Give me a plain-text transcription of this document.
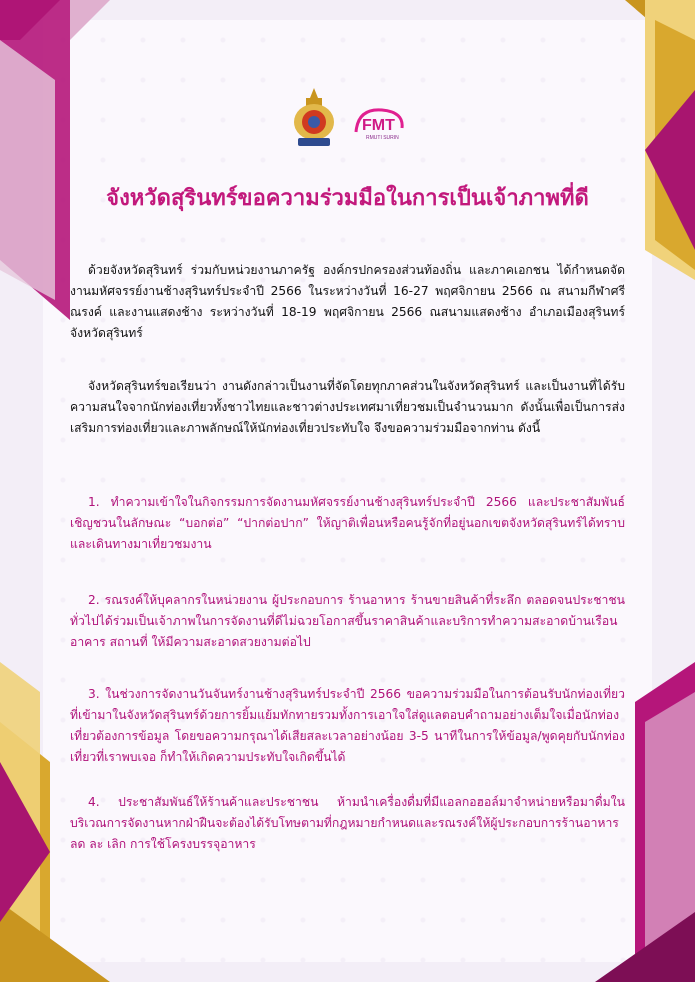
FMT
RMUTI SURIN
จังหวัดสุรินทร์ขอความร่วมมือในการเป็นเจ้าภาพที่ดี

ด้วยจังหวัดสุรินทร์ ร่วมกับหน่วยงานภาครัฐ องค์กรปกครองส่วนท้องถิ่น และภาคเอกชน ได้กำหนดจัดงานมหัศจรรย์งานช้างสุรินทร์ประจำปี 2566 ในระหว่างวันที่ 16-27 พฤศจิกายน 2566 ณ สนามกีฬาศรีณรงค์ และงานแสดงช้าง ระหว่างวันที่ 18-19 พฤศจิกายน 2566 ณสนามแสดงช้าง อำเภอเมืองสุรินทร์ จังหวัดสุรินทร์

จังหวัดสุรินทร์ขอเรียนว่า งานดังกล่าวเป็นงานที่จัดโดยทุกภาคส่วนในจังหวัดสุรินทร์ และเป็นงานที่ได้รับความสนใจจากนักท่องเที่ยวทั้งชาวไทยและชาวต่างประเทศมาเที่ยวชมเป็นจำนวนมาก ดังนั้นเพื่อเป็นการส่งเสริมการท่องเที่ยวและภาพลักษณ์ให้นักท่องเที่ยวประทับใจ จึงขอความร่วมมือจากท่าน ดังนี้

1. ทำความเข้าใจในกิจกรรมการจัดงานมหัศจรรย์งานช้างสุรินทร์ประจำปี 2566 และประชาสัมพันธ์เชิญชวนในลักษณะ “บอกต่อ” “ปากต่อปาก” ให้ญาติเพื่อนหรือคนรู้จักที่อยู่นอกเขตจังหวัดสุรินทร์ได้ทราบ และเดินทางมาเที่ยวชมงาน

2. รณรงค์ให้บุคลากรในหน่วยงาน ผู้ประกอบการ ร้านอาหาร ร้านขายสินค้าที่ระลึก ตลอดจนประชาชนทั่วไปได้ร่วมเป็นเจ้าภาพในการจัดงานที่ดีไม่ฉวยโอกาสขึ้นราคาสินค้าและบริการทำความสะอาดบ้านเรือน อาคาร สถานที่ ให้มีความสะอาดสวยงามต่อไป

3. ในช่วงการจัดงานวันจันทร์งานช้างสุรินทร์ประจำปี 2566 ขอความร่วมมือในการต้อนรับนักท่องเที่ยวที่เข้ามาในจังหวัดสุรินทร์ด้วยการยิ้มแย้มทักทายรวมทั้งการเอาใจใส่ดูแลตอบคำถามอย่างเต็มใจเมื่อนักท่องเที่ยวต้องการข้อมูล โดยขอความกรุณาได้เสียสละเวลาอย่างน้อย 3-5 นาทีในการให้ข้อมูล/พูดคุยกับนักท่องเที่ยวที่เราพบเจอ ก็ทำให้เกิดความประทับใจเกิดขึ้นได้

4. ประชาสัมพันธ์ให้ร้านค้าและประชาชน ห้ามนำเครื่องดื่มที่มีแอลกอฮอล์มาจำหน่ายหรือมาดื่มในบริเวณการจัดงานหากฝ่าฝืนจะต้องได้รับโทษตามที่กฎหมายกำหนดและรณรงค์ให้ผู้ประกอบการร้านอาหาร ลด ละ เลิก การใช้โครงบรรจุอาหาร
